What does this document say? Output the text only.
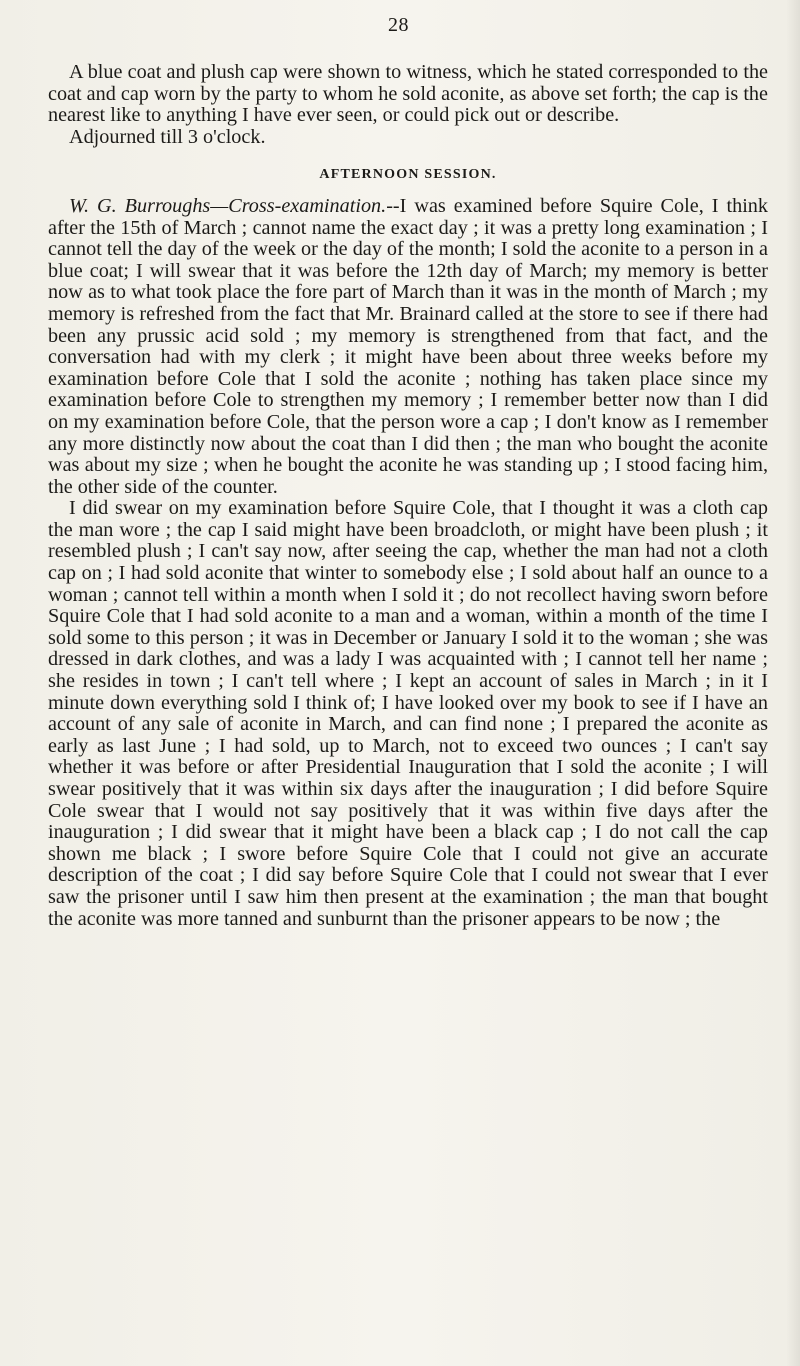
28

A blue coat and plush cap were shown to witness, which he stated corresponded to the coat and cap worn by the party to whom he sold aconite, as above set forth; the cap is the nearest like to anything I have ever seen, or could pick out or describe.

Adjourned till 3 o'clock.

AFTERNOON SESSION.

W. G. Burroughs—Cross-examination.--I was examined before Squire Cole, I think after the 15th of March ; cannot name the exact day ; it was a pretty long examination ; I cannot tell the day of the week or the day of the month; I sold the aconite to a person in a blue coat; I will swear that it was before the 12th day of March; my memory is better now as to what took place the fore part of March than it was in the month of March ; my memory is refreshed from the fact that Mr. Brainard called at the store to see if there had been any prussic acid sold ; my memory is strengthened from that fact, and the conversation had with my clerk ; it might have been about three weeks before my examination before Cole that I sold the aconite ; nothing has taken place since my examination before Cole to strengthen my memory ; I remember better now than I did on my examination before Cole, that the person wore a cap ; I don't know as I remember any more distinctly now about the coat than I did then ; the man who bought the aconite was about my size ; when he bought the aconite he was standing up ; I stood facing him, the other side of the counter.

I did swear on my examination before Squire Cole, that I thought it was a cloth cap the man wore ; the cap I said might have been broadcloth, or might have been plush ; it resembled plush ; I can't say now, after seeing the cap, whether the man had not a cloth cap on ; I had sold aconite that winter to somebody else ; I sold about half an ounce to a woman ; cannot tell within a month when I sold it ; do not recollect having sworn before Squire Cole that I had sold aconite to a man and a woman, within a month of the time I sold some to this person ; it was in December or January I sold it to the woman ; she was dressed in dark clothes, and was a lady I was acquainted with ; I cannot tell her name ; she resides in town ; I can't tell where ; I kept an account of sales in March ; in it I minute down everything sold I think of; I have looked over my book to see if I have an account of any sale of aconite in March, and can find none ; I prepared the aconite as early as last June ; I had sold, up to March, not to exceed two ounces ; I can't say whether it was before or after Presidential Inauguration that I sold the aconite ; I will swear positively that it was within six days after the inauguration ; I did before Squire Cole swear that I would not say positively that it was within five days after the inauguration ; I did swear that it might have been a black cap ; I do not call the cap shown me black ; I swore before Squire Cole that I could not give an accurate description of the coat ; I did say before Squire Cole that I could not swear that I ever saw the prisoner until I saw him then present at the examination ; the man that bought the aconite was more tanned and sunburnt than the prisoner appears to be now ; the
